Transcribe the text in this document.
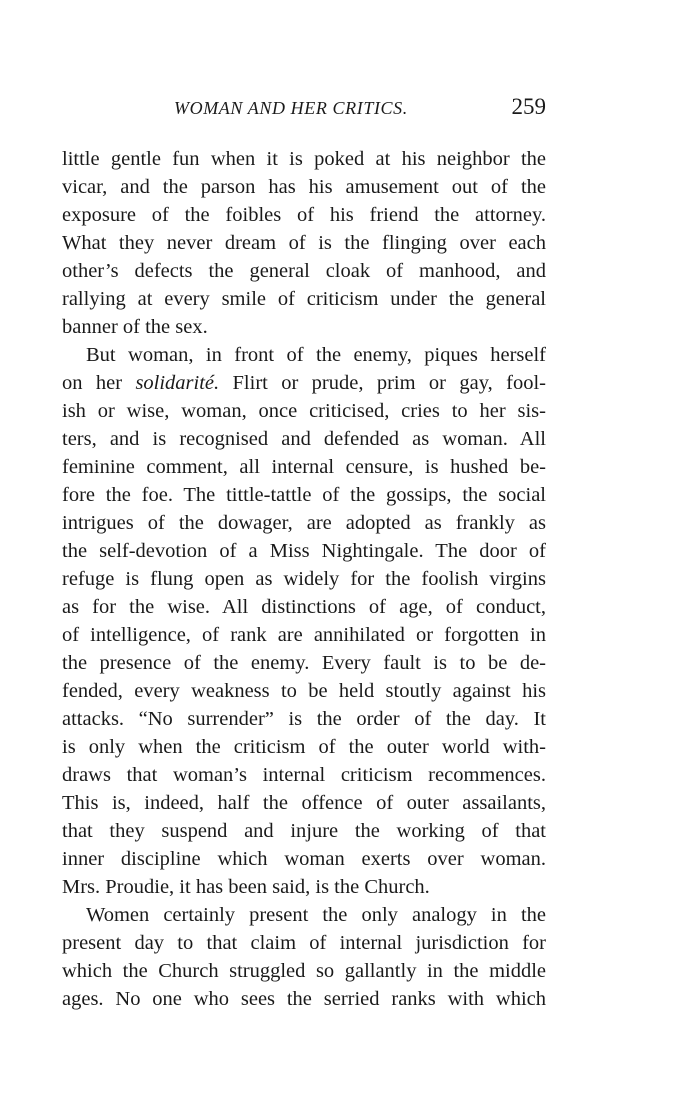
WOMAN AND HER CRITICS.	259
little gentle fun when it is poked at his neighbor the
vicar, and the parson has his amusement out of the
exposure of the foibles of his friend the attorney.
What they never dream of is the flinging over each
other’s defects the general cloak of manhood, and
rallying at every smile of criticism under the general
banner of the sex.
But woman, in front of the enemy, piques herself
on her solidarité. Flirt or prude, prim or gay, fool-
ish or wise, woman, once criticised, cries to her sis-
ters, and is recognised and defended as woman. All
feminine comment, all internal censure, is hushed be-
fore the foe. The tittle-tattle of the gossips, the social
intrigues of the dowager, are adopted as frankly as
the self-devotion of a Miss Nightingale. The door of
refuge is flung open as widely for the foolish virgins
as for the wise. All distinctions of age, of conduct,
of intelligence, of rank are annihilated or forgotten in
the presence of the enemy. Every fault is to be de-
fended, every weakness to be held stoutly against his
attacks. “No surrender” is the order of the day. It
is only when the criticism of the outer world with-
draws that woman’s internal criticism recommences.
This is, indeed, half the offence of outer assailants,
that they suspend and injure the working of that
inner discipline which woman exerts over woman.
Mrs. Proudie, it has been said, is the Church.
Women certainly present the only analogy in the
present day to that claim of internal jurisdiction for
which the Church struggled so gallantly in the middle
ages. No one who sees the serried ranks with which
